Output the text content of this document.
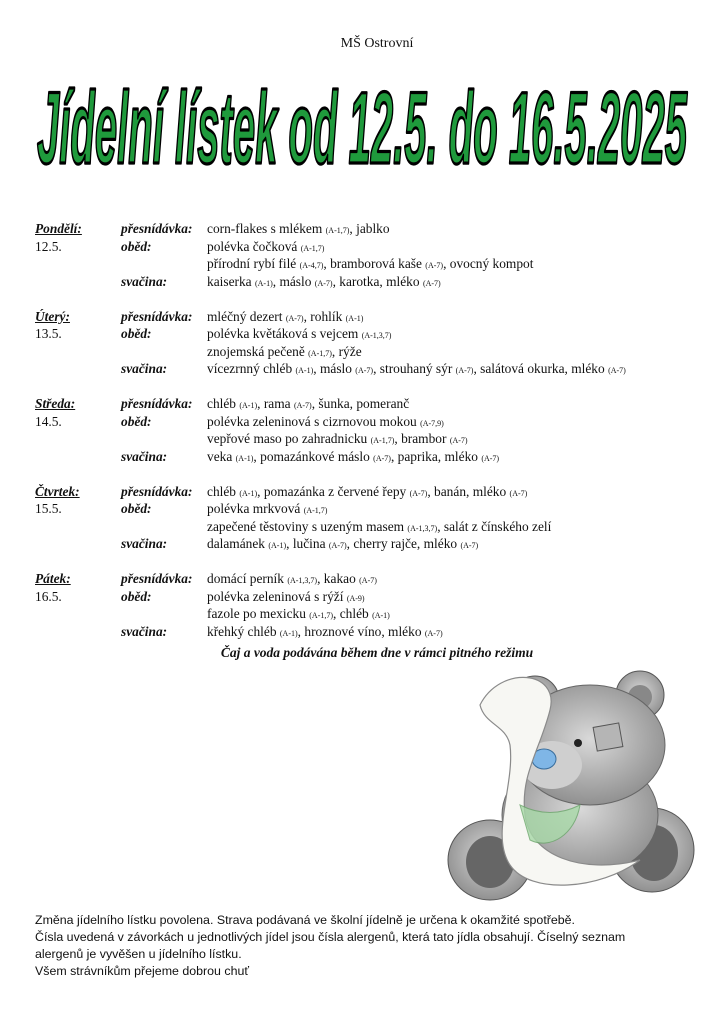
MŠ Ostrovní
Jídelní lístek od 12.5. do 16.5.2025
Pondělí:	přesnídávka: corn-flakes s mlékem (A-1,7), jablko
12.5.	oběd:	polévka čočková (A-1,7)
přírodní rybí filé (A-4,7), bramborová kaše (A-7), ovocný kompot
svačina:	kaiserka (A-1), máslo (A-7), karotka, mléko (A-7)
Úterý:	přesnídávka: mléčný dezert (A-7), rohlík (A-1)
13.5.	oběd:	polévka květáková s vejcem (A-1,3,7)
znojemská pečeně (A-1,7), rýže
svačina:	vícezrnný chléb (A-1), máslo (A-7), strouhaný sýr (A-7), salátová okurka, mléko (A-7)
Středa:	přesnídávka: chléb (A-1), rama (A-7), šunka, pomeranč
14.5.	oběd:	polévka zeleninová s cizrnovou mokou (A-7,9)
vepřové maso po zahradnicku (A-1,7), brambor (A-7)
svačina:	veka (A-1), pomazánkové máslo (A-7), paprika, mléko (A-7)
Čtvrtek:	přesnídávka: chléb (A-1), pomazánka z červené řepy (A-7), banán, mléko (A-7)
15.5.	oběd:	polévka mrkvová (A-1,7)
zapečené těstoviny s uzeným masem (A-1,3,7), salát z čínského zelí
svačina:	dalamánek (A-1), lučina (A-7), cherry rajče, mléko (A-7)
Pátek:	přesnídávka: domácí perník (A-1,3,7), kakao (A-7)
16.5.	oběd:	polévka zeleninová s rýží (A-9)
fazole po mexicku (A-1,7), chléb (A-1)
svačina:	křehký chléb (A-1), hroznové víno, mléko (A-7)
Čaj a voda podávána během dne v rámci pitného režimu

Změna jídelního lístku povolena. Strava podávaná ve školní jídelně je určena k okamžité spotřebě.

Čísla uvedená v závorkách u jednotlivých jídel jsou čísla alergenů, která tato jídla obsahují. Číselný seznam

alergenů je vyvěšen u jídelního lístku.

Všem strávníkům přejeme dobrou chuť
